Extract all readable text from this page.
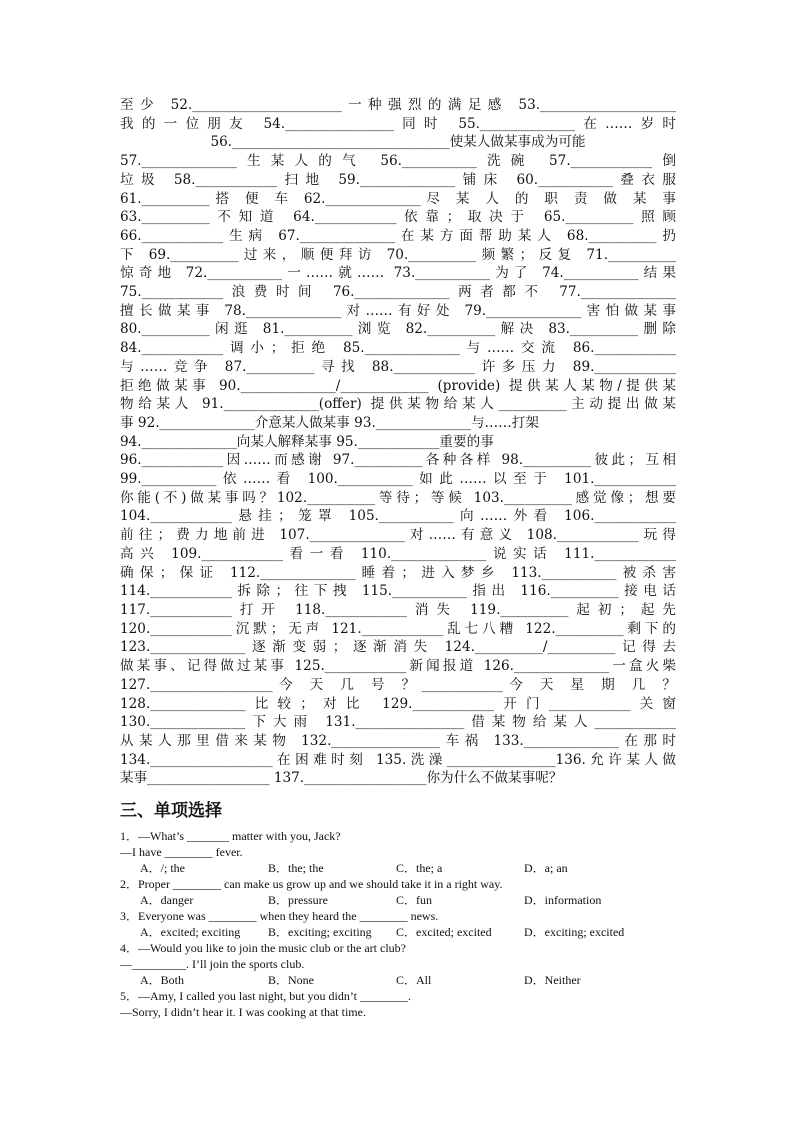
至少 52.______________________一种强烈的满足感 53.____________________
我的一位朋友 54.________________同时 55.______________在……岁时
56.________________________________使某人做某事成为可能
57.______________生某人的气 56.___________洗碗 57.____________倒
垃圾 58.____________扫地 59.______________铺床 60.___________叠衣服
61.__________搭 便 车 62.______________尽 某 人 的 职 责 做 某 事
63.__________不知道 64.____________依靠；取决于 65.__________照顾
66.____________生病 67.______________在某方面帮助某人 68.__________扔
下 69.__________过来，顺便拜访 70.__________频繁；反复 71.__________
惊奇地 72.___________一……就…… 73.___________为了 74.___________结果
75.____________浪费时间 76.______________两者都不 77.______________
擅长做某事 78.______________对……有好处 79.______________害怕做某事
80.__________闲逛 81.__________浏览 82.__________解决 83.__________删除
84.____________调小；拒绝 85.______________与……交流 86.____________
与……竞争 87.__________寻找 88.____________许多压力 89.____________
拒绝做某事 90.______________/_____________ (provide) 提供某人某物/提供某
物给某人 91.______________(offer) 提供某物给某人__________主动提出做某
事 92.______________介意某人做某事 93.______________与……打架
94.______________向某人解释某事 95.____________重要的事
96.____________因……而感谢 97.__________各种各样 98.__________彼此；互相
99.___________依……看 100.___________如此……以至于 101.____________
你能(不)做某事吗？102.__________等待；等候 103.__________感觉像；想要
104.____________悬挂；笼罩 105.___________向……外看 106.____________
前往；费力地前进 107.______________对……有意义 108.____________玩得
高兴 109.____________看一看 110.______________说实话 111.____________
确保；保证 112.______________睡着；进入梦乡 113.___________被杀害
114.____________拆除；往下拽 115.___________指出 116.__________接电话
117.____________打开 118.____________消失 119.__________起初；起先
120.____________沉默；无声 121.____________乱七八糟 122.__________剩下的
123.______________逐渐变弱；逐渐消失 124.__________/__________记得去
做某事、记得做过某事 125.____________新闻报道 126.______________一盒火柴
127.__________________今 天 几 号 ？____________今 天 星 期 几 ？
128.______________比较；对比 129.____________开门____________关窗
130.______________下大雨 131.________________借某物给某人____________
从某人那里借来某物 132.________________车祸 133.______________在那时
134.__________________在困难时刻 135.洗澡________________136.允许某人做
某事__________________ 137.__________________你为什么不做某事呢？
三、单项选择
1．—What’s _______ matter with you, Jack?
—I have ________ fever.
A．/; the	B．the; the	C．the; a	D．a; an
2．Proper ________ can make us grow up and we should take it in a right way.
A．danger	B．pressure	C．fun	D．information
3．Everyone was ________ when they heard the ________ news.
A．excited; exciting	B．exciting; exciting	C．excited; excited	D．exciting; excited
4．—Would you like to join the music club or the art club?
—_________. I’ll join the sports club.
A．Both	B．None	C．All	D．Neither
5．—Amy, I called you last night, but you didn’t ________.
—Sorry, I didn’t hear it. I was cooking at that time.
